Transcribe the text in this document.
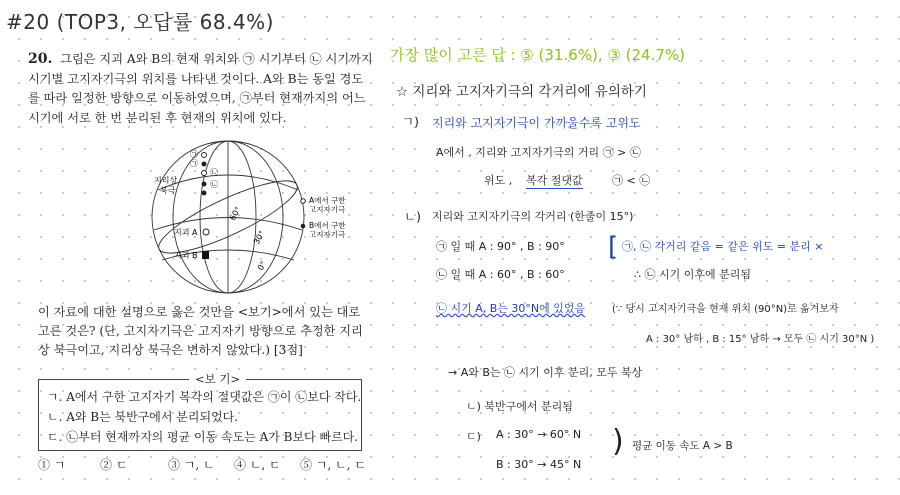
#20 (TOP3, 오답률 68.4%)
20. 그림은 지괴 A와 B의 현재 위치와 ㉠ 시기부터 ㉡ 시기까지 시기별 고지자기극의 위치를 나타낸 것이다. A와 B는 동일 경도를 따라 일정한 방향으로 이동하였으며, ㉠부터 현재까지의 어느 시기에 서로 한 번 분리된 후 현재의 위치에 있다.
㉠
㉠
㉡
㉡
지리상
북극
지괴 A
지괴 B
60°
30°
0°
A에서 구한
고지자기극
B에서 구한
고지자기극
이 자료에 대한 설명으로 옳은 것만을 <보기>에서 있는 대로 고른 것은? (단, 고지자기극은 고지자기 방향으로 추정한 지리상 북극이고, 지리상 북극은 변하지 않았다.) [3점]
<보 기>
ㄱ. A에서 구한 고지자기 복각의 절댓값은 ㉠이 ㉡보다 작다.
ㄴ. A와 B는 북반구에서 분리되었다.
ㄷ. ㉡부터 현재까지의 평균 이동 속도는 A가 B보다 빠르다.
① ㄱ	② ㄷ	③ ㄱ, ㄴ ④ ㄴ, ㄷ ⑤ ㄱ, ㄴ, ㄷ
가장 많이 고른 답 : ⑤ (31.6%), ③ (24.7%)
☆ 지리와 고지자기극의 각거리에 유의하기
ㄱ) 지리와 고지자기극이 가까울수록 고위도
A에서 , 지리와 고지자기극의 거리 ㉠ > ㉡
위도 , 복각 절댓값	㉠ < ㉡
ㄴ) 지리와 고지자기극의 각거리 (한줄이 15°)
㉠ 일 때 A : 90° , B : 90°
㉡ 일 때 A : 60° , B : 60°
[ ㉠, ㉡ 각거리 같음 = 같은 위도 = 분리 ×
∴ ㉡ 시기 이후에 분리됨
㉡ 시기 A, B는 30°N에 있었음	(∵ 당시 고지자기극을 현재 위치 (90°N)로 옮겨보자
A : 30° 남하 , B : 15° 남하 → 모두 ㉡ 시기 30°N )
→ A와 B는 ㉡ 시기 이후 분리, 모두 북상
ㄴ) 북반구에서 분리됨
ㄷ) A : 30° → 60° N
B : 30° → 45° N
) 평균 이동 속도 A > B
